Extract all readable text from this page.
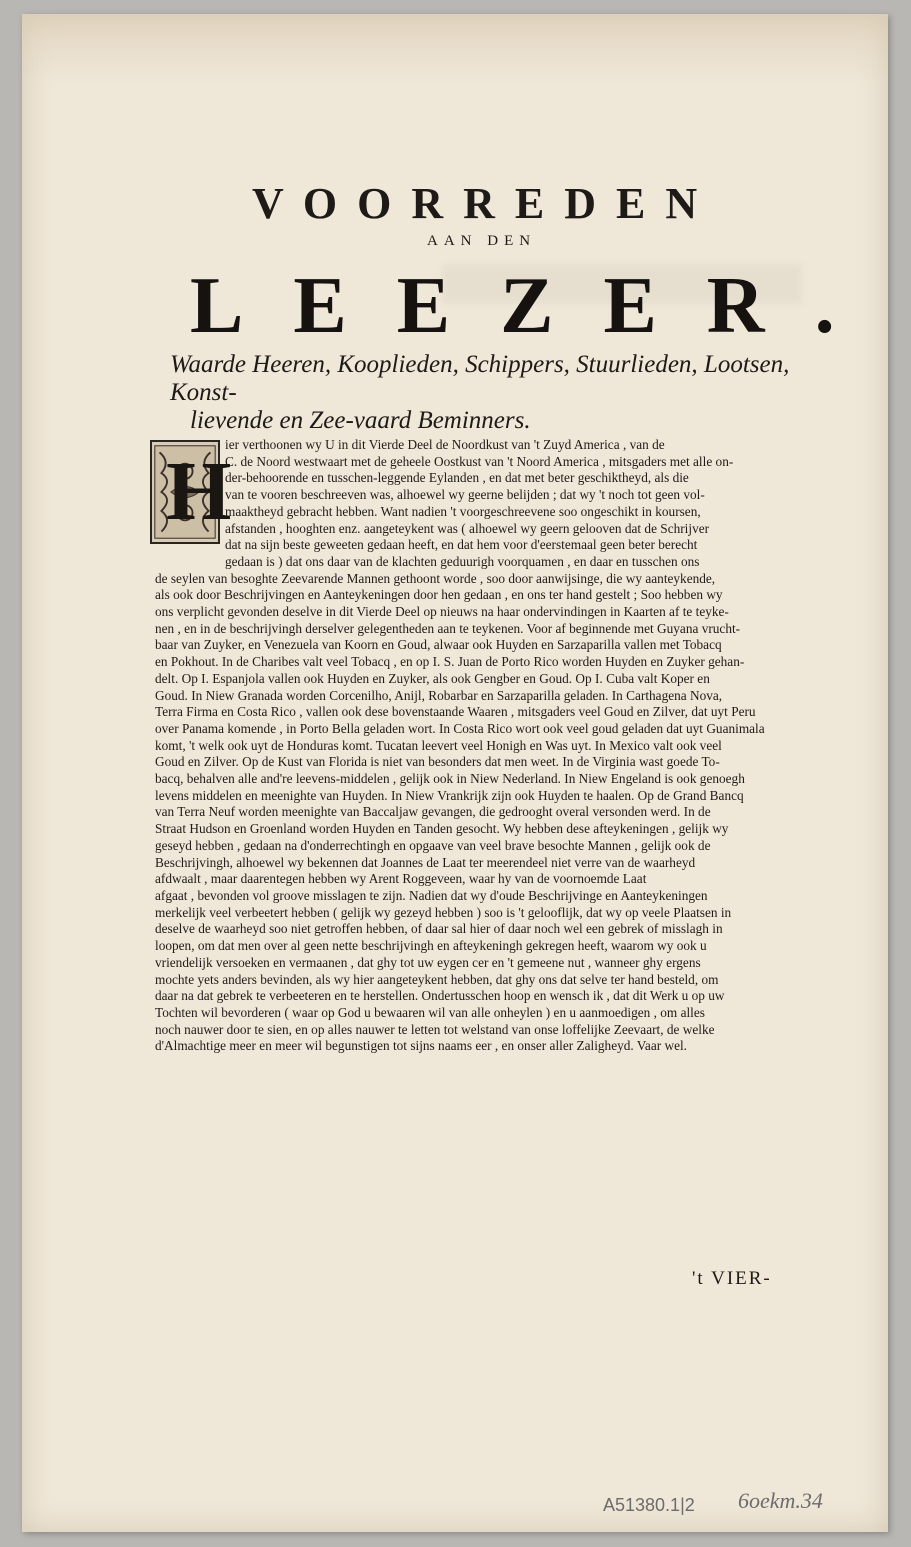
VOORREDEN

AAN DEN

LEEZER.

Waarde Heeren, Kooplieden, Schippers, Stuurlieden, Lootsen, Konst-
lievende en Zee-vaard Beminners.

H
ier verthoonen wy U in dit Vierde Deel de Noordkust van 't Zuyd America , van de
C. de Noord westwaart met de geheele Oostkust van 't Noord America , mitsgaders met alle on-
der-behoorende en tusschen-leggende Eylanden , en dat met beter geschiktheyd, als die
van te vooren beschreeven was, alhoewel wy geerne belijden ; dat wy 't noch tot geen vol-
maaktheyd gebracht hebben. Want nadien 't voorgeschreevene soo ongeschikt in koursen,
afstanden , hooghten enz. aangeteykent was ( alhoewel wy geern gelooven dat de Schrijver
dat na sijn beste geweeten gedaan heeft, en dat hem voor d'eerstemaal geen beter berecht
gedaan is ) dat ons daar van de klachten geduurigh voorquamen , en daar en tusschen ons
de seylen van besoghte Zeevarende Mannen gethoont worde , soo door aanwijsinge, die wy aanteykende,
als ook door Beschrijvingen en Aanteykeningen door hen gedaan , en ons ter hand gestelt ; Soo hebben wy
ons verplicht gevonden deselve in dit Vierde Deel op nieuws na haar ondervindingen in Kaarten af te teyke-
nen , en in de beschrijvingh derselver gelegentheden aan te teykenen. Voor af beginnende met Guyana vrucht-
baar van Zuyker, en Venezuela van Koorn en Goud, alwaar ook Huyden en Sarzaparilla vallen met Tobacq
en Pokhout. In de Charibes valt veel Tobacq , en op I. S. Juan de Porto Rico worden Huyden en Zuyker gehan-
delt. Op I. Espanjola vallen ook Huyden en Zuyker, als ook Gengber en Goud. Op I. Cuba valt Koper en
Goud. In Niew Granada worden Corcenilho, Anijl, Robarbar en Sarzaparilla geladen. In Carthagena Nova,
Terra Firma en Costa Rico , vallen ook dese bovenstaande Waaren , mitsgaders veel Goud en Zilver, dat uyt Peru
over Panama komende , in Porto Bella geladen wort. In Costa Rico wort ook veel goud geladen dat uyt Guanimala
komt, 't welk ook uyt de Honduras komt. Tucatan leevert veel Honigh en Was uyt. In Mexico valt ook veel
Goud en Zilver. Op de Kust van Florida is niet van besonders dat men weet. In de Virginia wast goede To-
bacq, behalven alle and're leevens-middelen , gelijk ook in Niew Nederland. In Niew Engeland is ook genoegh
levens middelen en meenighte van Huyden. In Niew Vrankrijk zijn ook Huyden te haalen. Op de Grand Bancq
van Terra Neuf worden meenighte van Baccaljaw gevangen, die gedrooght overal versonden werd. In de
Straat Hudson en Groenland worden Huyden en Tanden gesocht. Wy hebben dese afteykeningen , gelijk wy
geseyd hebben , gedaan na d'onderrechtingh en opgaave van veel brave besochte Mannen , gelijk ook de
Beschrijvingh, alhoewel wy bekennen dat Joannes de Laat ter meerendeel niet verre van de waarheyd
afdwaalt , maar daarentegen hebben wy Arent Roggeveen, waar hy van de voornoemde Laat
afgaat , bevonden vol groove misslagen te zijn. Nadien dat wy d'oude Beschrijvinge en Aanteykeningen
merkelijk veel verbeetert hebben ( gelijk wy gezeyd hebben ) soo is 't gelooflijk, dat wy op veele Plaatsen in
deselve de waarheyd soo niet getroffen hebben, of daar sal hier of daar noch wel een gebrek of misslagh in
loopen, om dat men over al geen nette beschrijvingh en afteykeningh gekregen heeft, waarom wy ook u
vriendelijk versoeken en vermaanen , dat ghy tot uw eygen cer en 't gemeene nut , wanneer ghy ergens
mochte yets anders bevinden, als wy hier aangeteykent hebben, dat ghy ons dat selve ter hand besteld, om
daar na dat gebrek te verbeeteren en te herstellen. Ondertusschen hoop en wensch ik , dat dit Werk u op uw
Tochten wil bevorderen ( waar op God u bewaaren wil van alle onheylen ) en u aanmoedigen , om alles
noch nauwer door te sien, en op alles nauwer te letten tot welstand van onse loffelijke Zeevaart, de welke
d'Almachtige meer en meer wil begunstigen tot sijns naams eer , en onser aller Zaligheyd. Vaar wel.

't VIER-

A51380.1|2	6oekm.34
